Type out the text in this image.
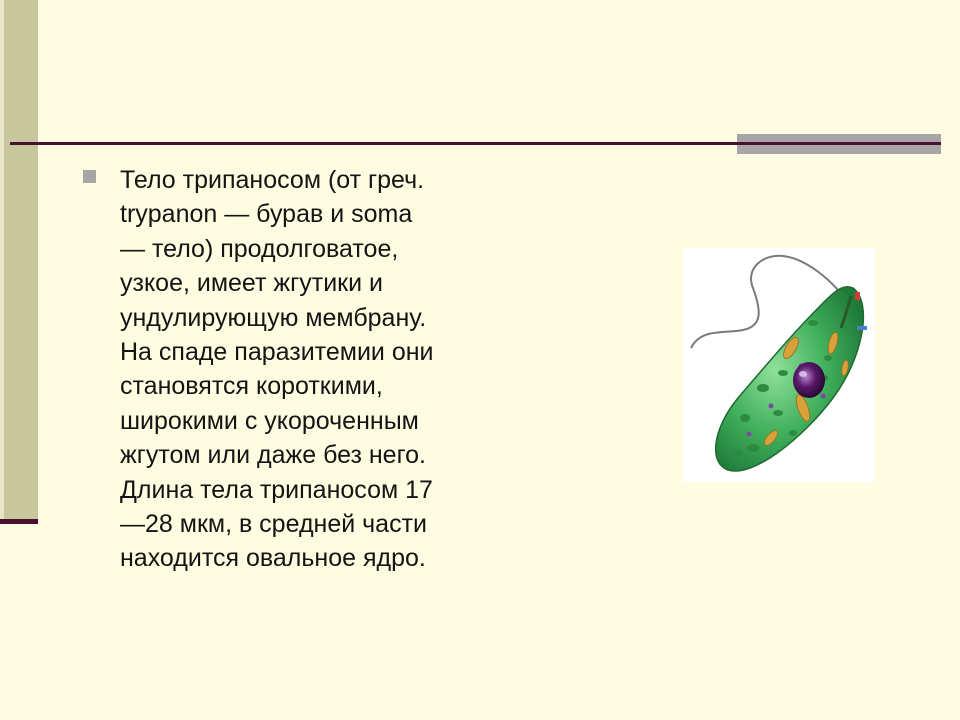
Тело трипаносом (от греч.
trypanon — бурав и soma
— тело) продолговатое,
узкое, имеет жгутики и
ундулирующую мембрану.
На спаде паразитемии они
становятся короткими,
широкими с укороченным
жгутом или даже без него.
Длина тела трипаносом 17
—28 мкм, в средней части
находится овальное ядро.
